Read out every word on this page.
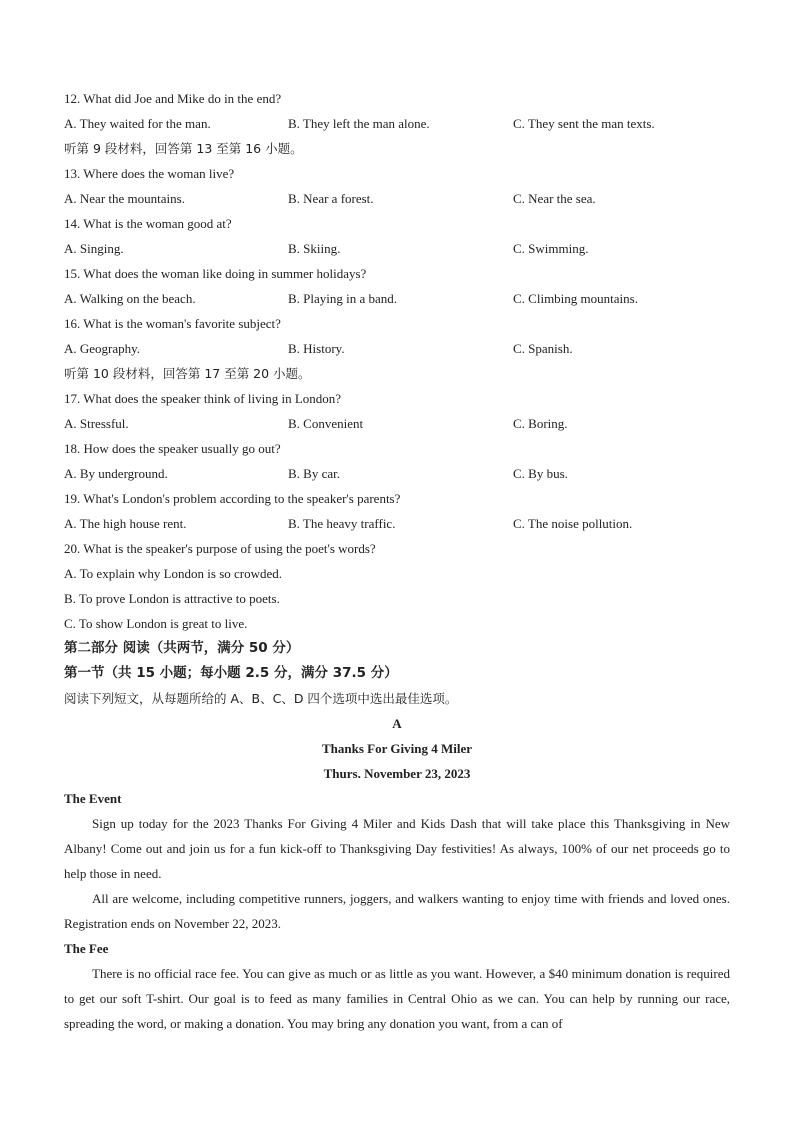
12. What did Joe and Mike do in the end?
A. They waited for the man.	B. They left the man alone.	C. They sent the man texts.
听第 9 段材料，回答第 13 至第 16 小题。
13. Where does the woman live?
A. Near the mountains.	B. Near a forest.	C. Near the sea.
14. What is the woman good at?
A. Singing.	B. Skiing.	C. Swimming.
15. What does the woman like doing in summer holidays?
A. Walking on the beach.	B. Playing in a band.	C. Climbing mountains.
16. What is the woman's favorite subject?
A. Geography.	B. History.	C. Spanish.
听第 10 段材料，回答第 17 至第 20 小题。
17. What does the speaker think of living in London?
A. Stressful.	B. Convenient	C. Boring.
18. How does the speaker usually go out?
A. By underground.	B. By car.	C. By bus.
19. What's London's problem according to the speaker's parents?
A. The high house rent.	B. The heavy traffic.	C. The noise pollution.
20. What is the speaker's purpose of using the poet's words?
A. To explain why London is so crowded.
B. To prove London is attractive to poets.
C. To show London is great to live.
第二部分 阅读（共两节，满分 50 分）
第一节（共 15 小题；每小题 2.5 分，满分 37.5 分）
阅读下列短文，从每题所给的 A、B、C、D 四个选项中选出最佳选项。
A
Thanks For Giving 4 Miler
Thurs. November 23, 2023
The Event

Sign up today for the 2023 Thanks For Giving 4 Miler and Kids Dash that will take place this Thanksgiving in New Albany! Come out and join us for a fun kick-off to Thanksgiving Day festivities! As always, 100% of our net proceeds go to help those in need.

All are welcome, including competitive runners, joggers, and walkers wanting to enjoy time with friends and loved ones. Registration ends on November 22, 2023.

The Fee

There is no official race fee. You can give as much or as little as you want. However, a $40 minimum donation is required to get our soft T-shirt. Our goal is to feed as many families in Central Ohio as we can. You can help by running our race, spreading the word, or making a donation. You may bring any donation you want, from a can of
